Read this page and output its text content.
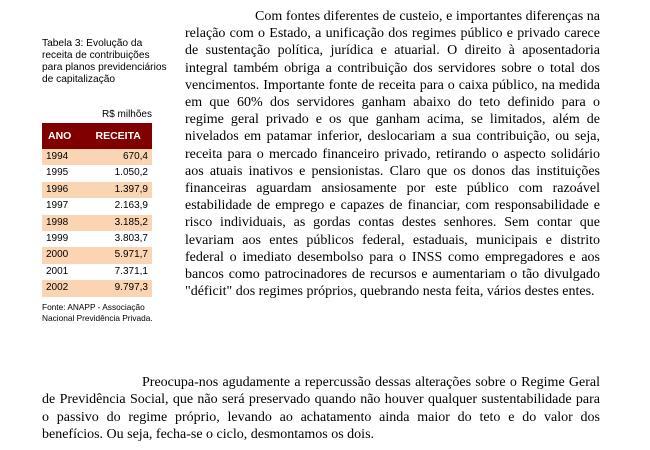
Tabela 3: Evolução da receita de contribuições para planos previdenciários de capitalização

R$ milhões
ANO	RECEITA
1994	670,4
1995	1.050,2
1996	1.397,9
1997	2.163,9
1998	3.185,2
1999	3.803,7
2000	5.971,7
2001	7.371,1
2002	9.797,3
Fonte: ANAPP - Associação Nacional Previdência Privada.

Com fontes diferentes de custeio, e importantes diferenças na relação com o Estado, a unificação dos regimes público e privado carece de sustentação política, jurídica e atuarial. O direito à aposentadoria integral também obriga a contribuição dos servidores sobre o total dos vencimentos. Importante fonte de receita para o caixa público, na medida em que 60% dos servidores ganham abaixo do teto definido para o regime geral privado e os que ganham acima, se limitados, além de nivelados em patamar inferior, deslocariam a sua contribuição, ou seja, receita para o mercado financeiro privado, retirando o aspecto solidário aos atuais inativos e pensionistas. Claro que os donos das instituições financeiras aguardam ansiosamente por este público com razoável estabilidade de emprego e capazes de financiar, com responsabilidade e risco individuais, as gordas contas destes senhores. Sem contar que levariam aos entes públicos federal, estaduais, municipais e distrito federal o imediato desembolso para o INSS como empregadores e aos bancos como patrocinadores de recursos e aumentariam o tão divulgado "déficit" dos regimes próprios, quebrando nesta feita, vários destes entes.

Preocupa-nos agudamente a repercussão dessas alterações sobre o Regime Geral de Previdência Social, que não será preservado quando não houver qualquer sustentabilidade para o passivo do regime próprio, levando ao achatamento ainda maior do teto e do valor dos benefícios. Ou seja, fecha-se o ciclo, desmontamos os dois.
